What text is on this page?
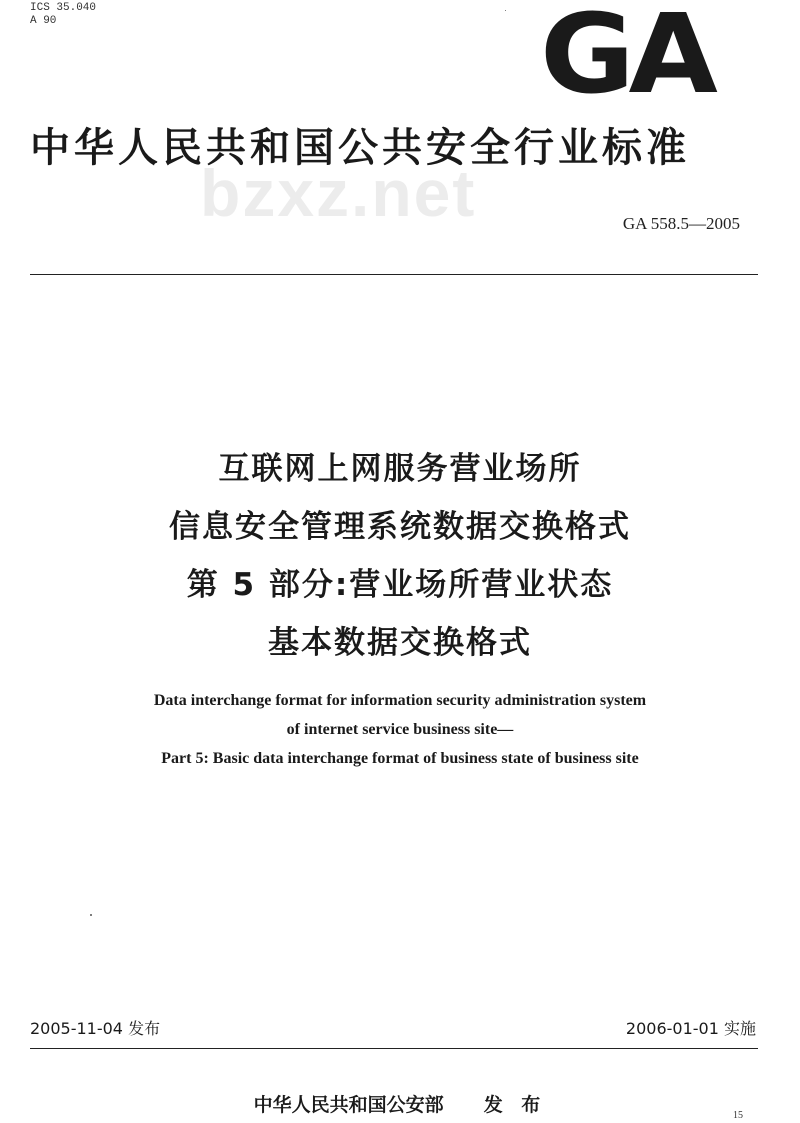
ICS 35.040
A 90	GA
bzxz.net
中华人民共和国公共安全行业标准
GA 558.5—2005
互联网上网服务营业场所
信息安全管理系统数据交换格式
第 5 部分:营业场所营业状态
基本数据交换格式
Data interchange format for information security administration system
of internet service business site—
Part 5: Basic data interchange format of business state of business site
2005-11-04 发布	2006-01-01 实施
中华人民共和国公安部 发 布	15
